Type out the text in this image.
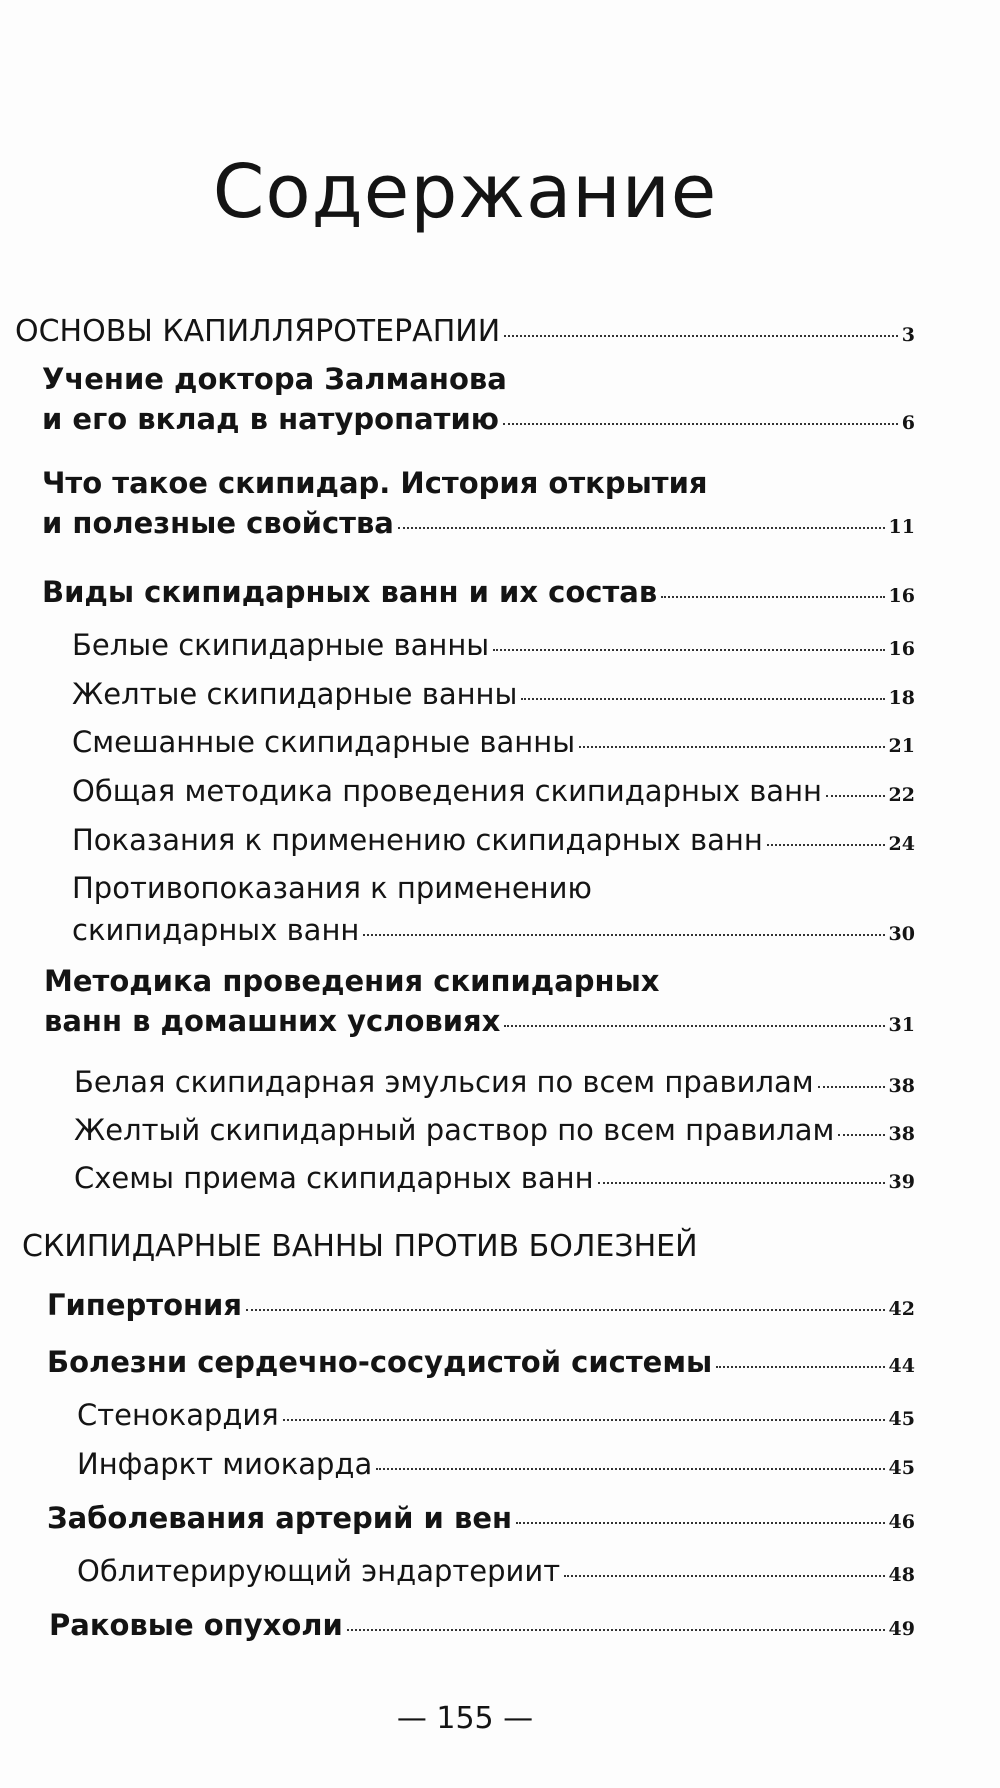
Содержание
ОСНОВЫ КАПИЛЛЯРОТЕРАПИИ	3
Учение доктора Залманова
и его вклад в натуропатию	6
Что такое скипидар. История открытия
и полезные свойства	11
Виды скипидарных ванн и их состав	16
Белые скипидарные ванны	16
Желтые скипидарные ванны	18
Смешанные скипидарные ванны	21
Общая методика проведения скипидарных ванн	22
Показания к применению скипидарных ванн	24
Противопоказания к применению
скипидарных ванн	30
Методика проведения скипидарных
ванн в домашних условиях	31
Белая скипидарная эмульсия по всем правилам	38
Желтый скипидарный раствор по всем правилам	38
Схемы приема скипидарных ванн	39
СКИПИДАРНЫЕ ВАННЫ ПРОТИВ БОЛЕЗНЕЙ
Гипертония	42
Болезни сердечно-сосудистой системы	44
Стенокардия	45
Инфаркт миокарда	45
Заболевания артерий и вен	46
Облитерирующий эндартериит	48
Раковые опухоли	49
— 155 —
